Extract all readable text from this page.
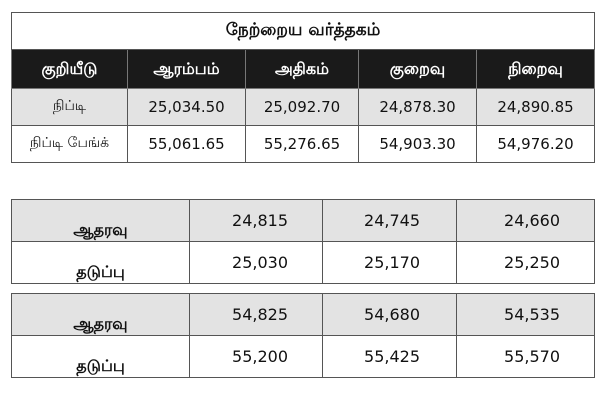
நேற்றைய வர்த்தகம்				
குறியீடு	ஆரம்பம்	அதிகம்	குறைவு	நிறைவு
நிப்டி	25,034.50	25,092.70	24,878.30	24,890.85
நிப்டி பேங்க்	55,061.65	55,276.65	54,903.30	54,976.20
ஆதரவு	24,815	24,745	24,660
தடுப்பு	25,030	25,170	25,250
ஆதரவு	54,825	54,680	54,535
தடுப்பு	55,200	55,425	55,570
